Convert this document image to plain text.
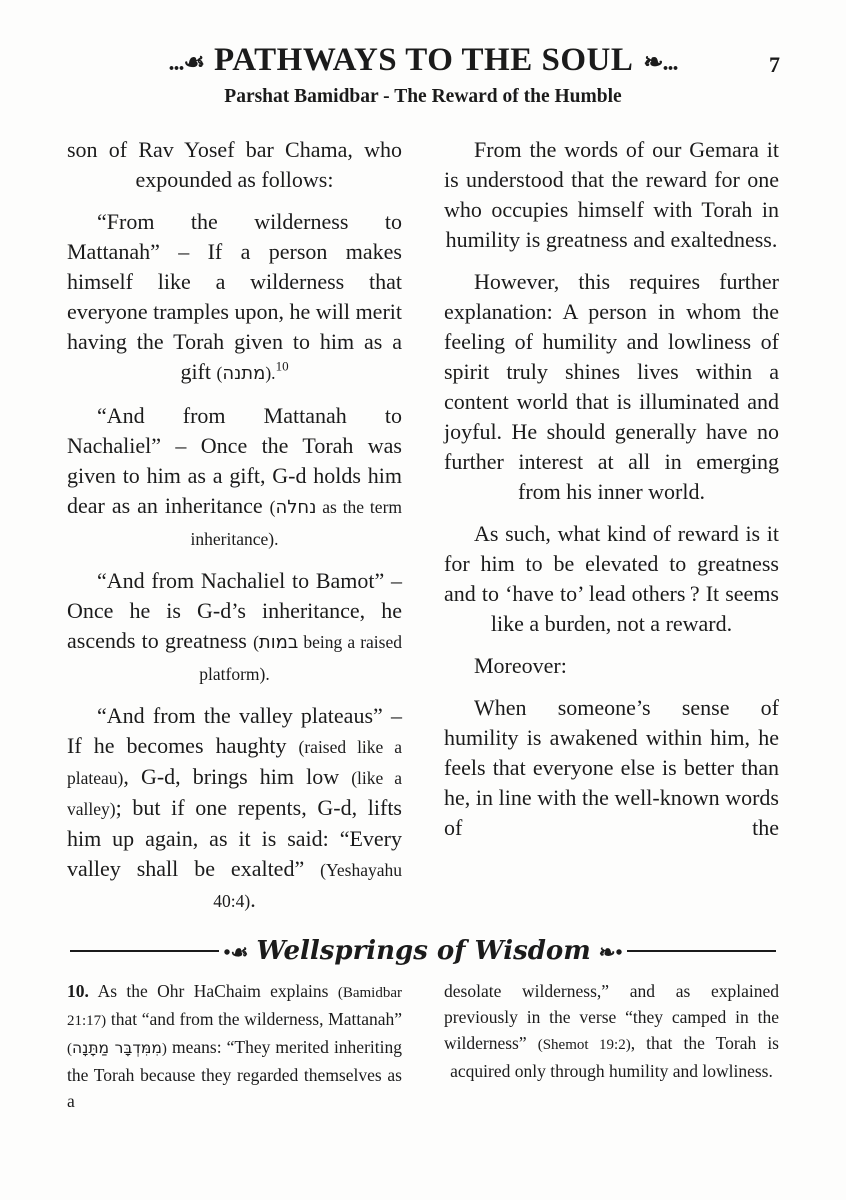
...☙ PATHWAYS TO THE SOUL ❧...	7
Parshat Bamidbar - The Reward of the Humble

son of Rav Yosef bar Chama, who expounded as follows:

“From the wilderness to Mattanah” – If a person makes himself like a wilderness that everyone tramples upon, he will merit having the Torah given to him as a gift (מתנה).$^{10}$

“And from Mattanah to Nachaliel” – Once the Torah was given to him as a gift, G-d holds him dear as an inheritance (נחלה as the term inheritance).

“And from Nachaliel to Bamot” – Once he is G-d’s inheritance, he ascends to greatness (במות being a raised platform).

“And from the valley plateaus” – If he becomes haughty (raised like a plateau), G-d, brings him low (like a valley); but if one repents, G-d, lifts him up again, as it is said: “Every valley shall be exalted” (Yeshayahu 40:4).

From the words of our Gemara it is understood that the reward for one who occupies himself with Torah in humility is greatness and exaltedness.

However, this requires further explanation: A person in whom the feeling of humility and lowliness of spirit truly shines lives within a content world that is illuminated and joyful. He should generally have no further interest at all in emerging from his inner world.

As such, what kind of reward is it for him to be elevated to greatness and to ‘have to’ lead others ? It seems like a burden, not a reward.

Moreover:

When someone’s sense of humility is awakened within him, he feels that everyone else is better than he, in line with the well-known words of the

•☙ Wellsprings of Wisdom ❧•

10. As the Ohr HaChaim explains (Bamidbar 21:17) that “and from the wilderness, Mattanah” (מִמִּדְבָּר מַתָּנָה) means: “They merited inheriting the Torah because they regarded themselves as a

desolate wilderness,” and as explained previously in the verse “they camped in the wilderness” (Shemot 19:2), that the Torah is acquired only through humility and lowliness.
